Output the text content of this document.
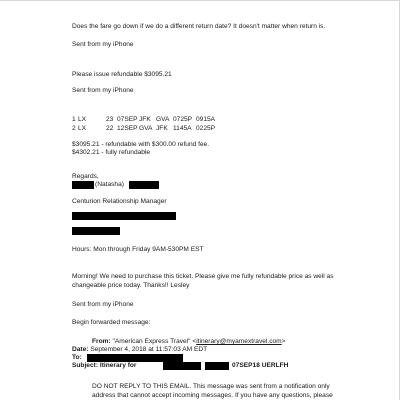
Does the fare go down if we do a different return date? It doesn't matter when return is.
Sent from my iPhone
Please issue refundable $3095.21
Sent from my iPhone
1 LX	23 07SEP JFK GVA 0725P 0915A
2 LX	22 12SEP GVA JFK 1145A 0225P
$3095.21 - refundable with $300.00 refund fee.
$4302.21 - fully refundable
Regards,
(Natasha)
Centurion Relationship Manager
Hours: Mon through Friday 9AM-530PM EST
Morning! We need to purchase this ticket. Please give me fully refundable price as well as
changeable price today. Thanks!! Lesley
Sent from my iPhone
Begin forwarded message:
From: "American Express Travel" <itinerary@myamextravel.com>
Date: September 4, 2018 at 11:57:03 AM EDT
To:
Subject: Itinerary for	07SEP18 UERLFH
DO NOT REPLY TO THIS EMAIL. This message was sent from a notification only
address that cannot accept incoming messages. If you have any questions, please
